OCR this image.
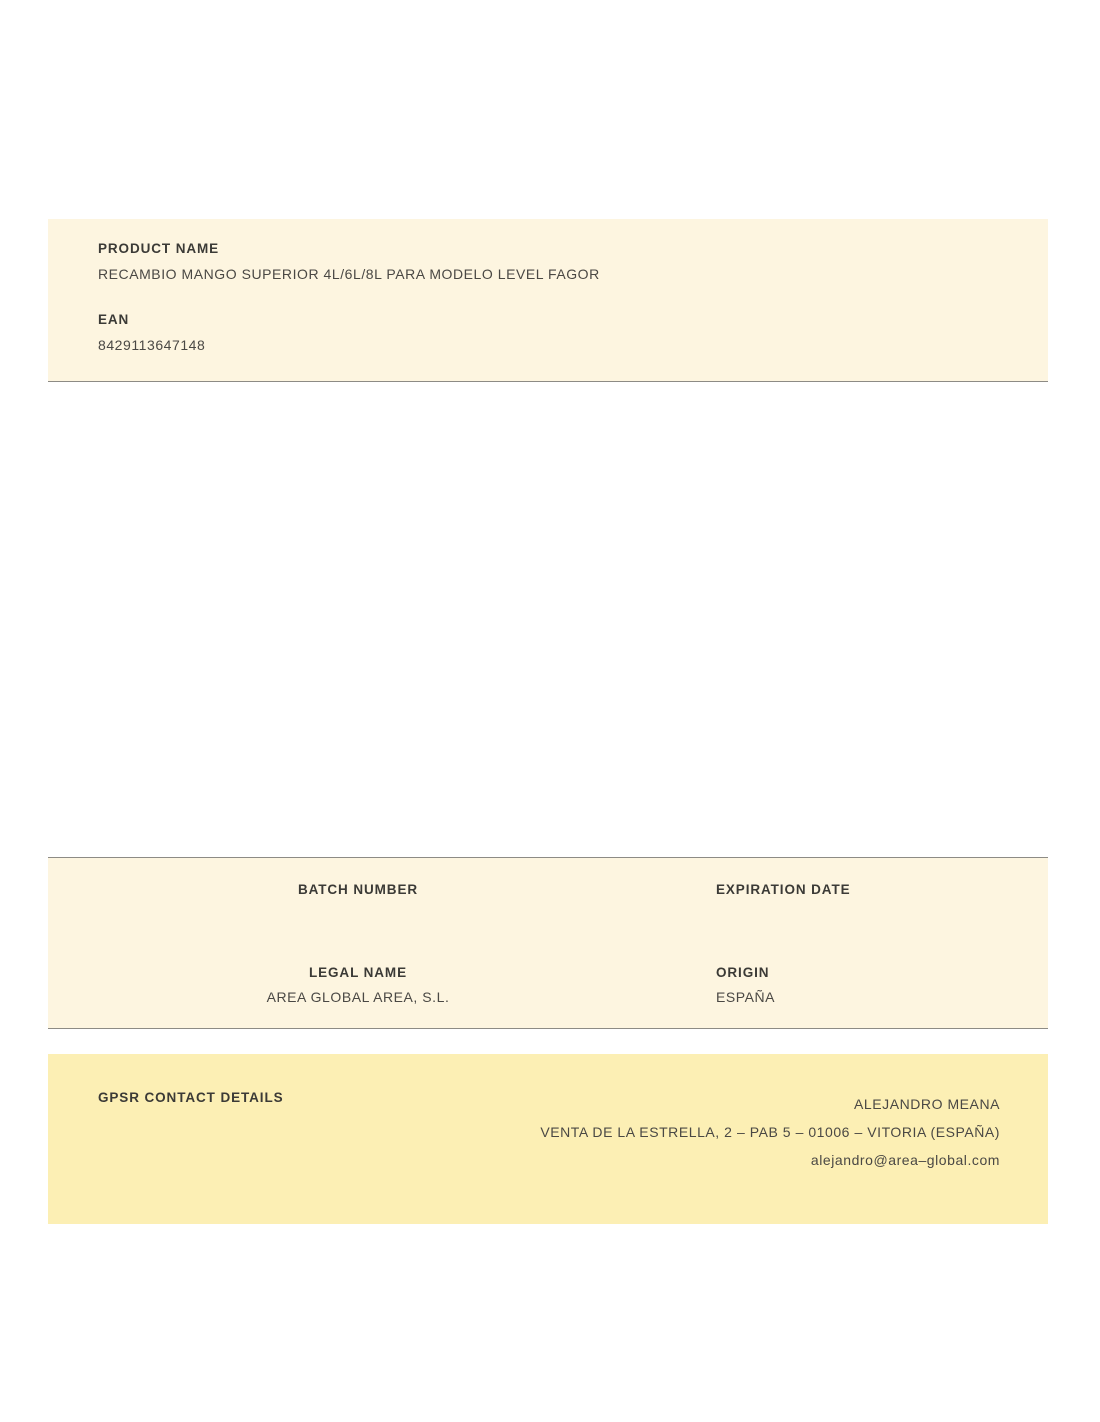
PRODUCT NAME
RECAMBIO MANGO SUPERIOR 4L/6L/8L PARA MODELO LEVEL FAGOR
EAN
8429113647148
BATCH NUMBER	EXPIRATION DATE
LEGAL NAME
AREA GLOBAL AREA, S.L.
ORIGIN
ESPAÑA
GPSR CONTACT DETAILS	ALEJANDRO MEANA
VENTA DE LA ESTRELLA, 2 – PAB 5 – 01006 – VITORIA (ESPAÑA)
alejandro@area–global.com
